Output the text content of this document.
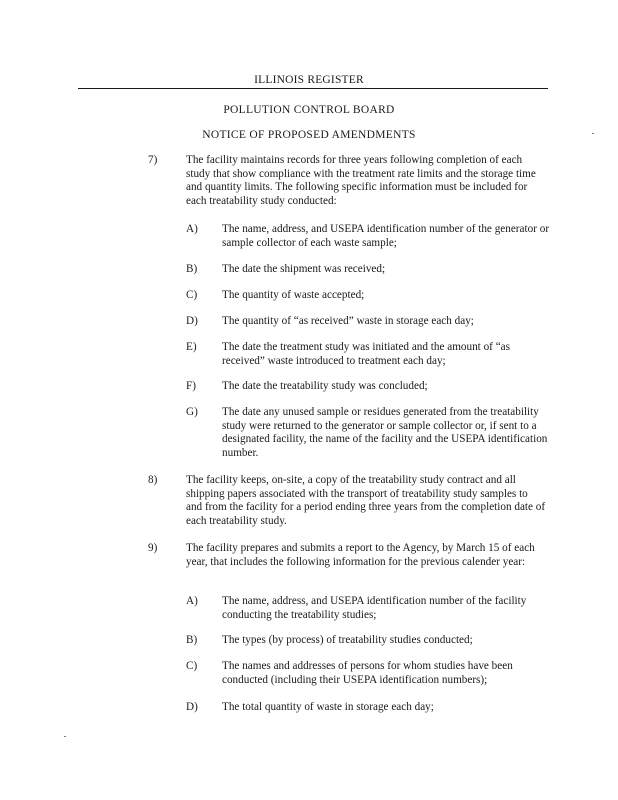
ILLINOIS REGISTER
POLLUTION CONTROL BOARD
NOTICE OF PROPOSED AMENDMENTS
7)	The facility maintains records for three years following completion of each study that show compliance with the treatment rate limits and the storage time and quantity limits. The following specific information must be included for each treatability study conducted:

A) The name, address, and USEPA identification number of the generator or sample collector of each waste sample;

B) The date the shipment was received;

C) The quantity of waste accepted;

D) The quantity of “as received” waste in storage each day;

E) The date the treatment study was initiated and the amount of “as received” waste introduced to treatment each day;

F) The date the treatability study was concluded;

G) The date any unused sample or residues generated from the treatability study were returned to the generator or sample collector or, if sent to a designated facility, the name of the facility and the USEPA identification number.

8)	The facility keeps, on-site, a copy of the treatability study contract and all shipping papers associated with the transport of treatability study samples to and from the facility for a period ending three years from the completion date of each treatability study.

9)	The facility prepares and submits a report to the Agency, by March 15 of each year, that includes the following information for the previous calender year:

A) The name, address, and USEPA identification number of the facility conducting the treatability studies;

B) The types (by process) of treatability studies conducted;

C) The names and addresses of persons for whom studies have been conducted (including their USEPA identification numbers);

D) The total quantity of waste in storage each day;
